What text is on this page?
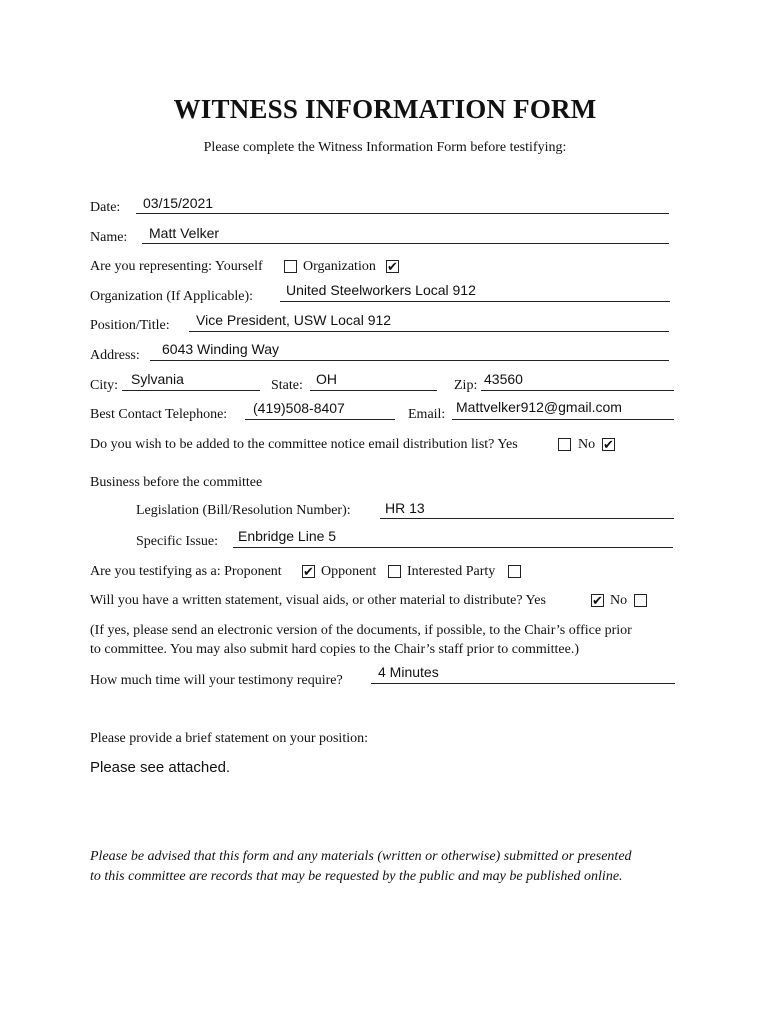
WITNESS INFORMATION FORM
Please complete the Witness Information Form before testifying:
Date: 03/15/2021
Name: Matt Velker
Are you representing: Yourself	Organization ✔
Organization (If Applicable): United Steelworkers Local 912
Position/Title: Vice President, USW Local 912
Address: 6043 Winding Way
City: Sylvania	State: OH	Zip: 43560
Best Contact Telephone: (419)508-8407	Email: Mattvelker912@gmail.com
Do you wish to be added to the committee notice email distribution list? Yes	No ✔
Business before the committee
Legislation (Bill/Resolution Number): HR 13
Specific Issue: Enbridge Line 5
Are you testifying as a: Proponent ✔ Opponent Interested Party
Will you have a written statement, visual aids, or other material to distribute? Yes	✔ No
(If yes, please send an electronic version of the documents, if possible, to the Chair’s office prior
to committee. You may also submit hard copies to the Chair’s staff prior to committee.)
How much time will your testimony require?
4 Minutes
Please provide a brief statement on your position:
Please see attached.
Please be advised that this form and any materials (written or otherwise) submitted or presented
to this committee are records that may be requested by the public and may be published online.
